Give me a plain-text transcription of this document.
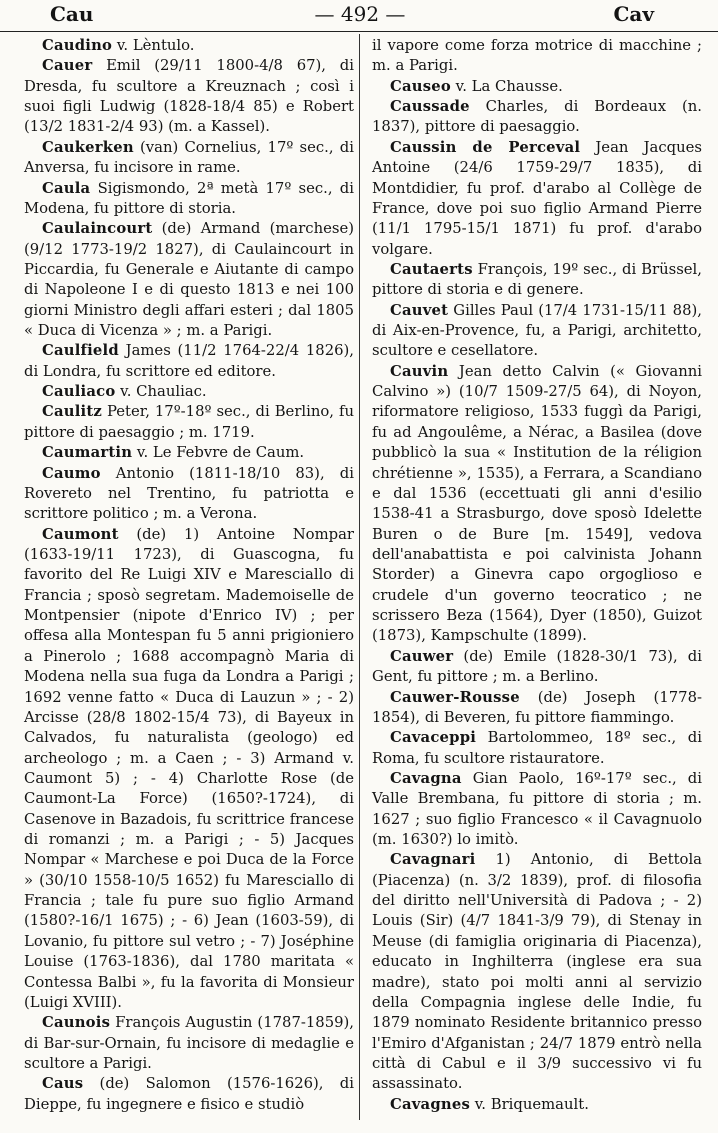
Cau	— 492 —	Cav

Caudino v. Lèntulo.

Cauer Emil (29/11 1800-4/8 67), di Dresda, fu scultore a Kreuznach ; così i suoi figli Ludwig (1828-18/4 85) e Robert (13/2 1831-2/4 93) (m. a Kassel).

Caukerken (van) Cornelius, 17º sec., di Anversa, fu incisore in rame.

Caula Sigismondo, 2ª metà 17º sec., di Modena, fu pittore di storia.

Caulaincourt (de) Armand (marchese) (9/12 1773-19/2 1827), di Caulaincourt in Piccardia, fu Generale e Aiutante di campo di Napoleone I e di questo 1813 e nei 100 giorni Ministro degli affari esteri ; dal 1805 « Duca di Vicenza » ; m. a Parigi.

Caulfield James (11/2 1764-22/4 1826), di Londra, fu scrittore ed editore.

Cauliaco v. Chauliac.

Caulitz Peter, 17º-18º sec., di Berlino, fu pittore di paesaggio ; m. 1719.

Caumartin v. Le Febvre de Caum.

Caumo Antonio (1811-18/10 83), di Rovereto nel Trentino, fu patriotta e scrittore politico ; m. a Verona.

Caumont (de) 1) Antoine Nompar (1633-19/11 1723), di Guascogna, fu favorito del Re Luigi XIV e Maresciallo di Francia ; sposò segretam. Mademoiselle de Montpensier (nipote d'Enrico IV) ; per offesa alla Montespan fu 5 anni prigioniero a Pinerolo ; 1688 accompagnò Maria di Modena nella sua fuga da Londra a Parigi ; 1692 venne fatto « Duca di Lauzun » ; - 2) Arcisse (28/8 1802-15/4 73), di Bayeux in Calvados, fu naturalista (geologo) ed archeologo ; m. a Caen ; - 3) Armand v. Caumont 5) ; - 4) Charlotte Rose (de Caumont-La Force) (1650?-1724), di Casenove in Bazadois, fu scrittrice francese di romanzi ; m. a Parigi ; - 5) Jacques Nompar « Marchese e poi Duca de la Force » (30/10 1558-10/5 1652) fu Maresciallo di Francia ; tale fu pure suo figlio Armand (1580?-16/1 1675) ; - 6) Jean (1603-59), di Lovanio, fu pittore sul vetro ; - 7) Joséphine Louise (1763-1836), dal 1780 maritata « Contessa Balbi », fu la favorita di Monsieur (Luigi XVIII).

Caunois François Augustin (1787-1859), di Bar-sur-Ornain, fu incisore di medaglie e scultore a Parigi.

Caus (de) Salomon (1576-1626), di Dieppe, fu ingegnere e fisico e studiò

il vapore come forza motrice di macchine ; m. a Parigi.

Causeo v. La Chausse.

Caussade Charles, di Bordeaux (n. 1837), pittore di paesaggio.

Caussin de Perceval Jean Jacques Antoine (24/6 1759-29/7 1835), di Montdidier, fu prof. d'arabo al Collège de France, dove poi suo figlio Armand Pierre (11/1 1795-15/1 1871) fu prof. d'arabo volgare.

Cautaerts François, 19º sec., di Brüssel, pittore di storia e di genere.

Cauvet Gilles Paul (17/4 1731-15/11 88), di Aix-en-Provence, fu, a Parigi, architetto, scultore e cesellatore.

Cauvin Jean detto Calvin (« Giovanni Calvino ») (10/7 1509-27/5 64), di Noyon, riformatore religioso, 1533 fuggì da Parigi, fu ad Angoulême, a Nérac, a Basilea (dove pubblicò la sua « Institution de la réligion chrétienne », 1535), a Ferrara, a Scandiano e dal 1536 (eccettuati gli anni d'esilio 1538-41 a Strasburgo, dove sposò Idelette Buren o de Bure [m. 1549], vedova dell'anabattista e poi calvinista Johann Storder) a Ginevra capo orgoglioso e crudele d'un governo teocratico ; ne scrissero Beza (1564), Dyer (1850), Guizot (1873), Kampschulte (1899).

Cauwer (de) Emile (1828-30/1 73), di Gent, fu pittore ; m. a Berlino.

Cauwer-Rousse (de) Joseph (1778-1854), di Beveren, fu pittore fiammingo.

Cavaceppi Bartolommeo, 18º sec., di Roma, fu scultore ristauratore.

Cavagna Gian Paolo, 16º-17º sec., di Valle Brembana, fu pittore di storia ; m. 1627 ; suo figlio Francesco « il Cavagnuolo (m. 1630?) lo imitò.

Cavagnari 1) Antonio, di Bettola (Piacenza) (n. 3/2 1839), prof. di filosofia del diritto nell'Università di Padova ; - 2) Louis (Sir) (4/7 1841-3/9 79), di Stenay in Meuse (di famiglia originaria di Piacenza), educato in Inghilterra (inglese era sua madre), stato poi molti anni al servizio della Compagnia inglese delle Indie, fu 1879 nominato Residente britannico presso l'Emiro d'Afganistan ; 24/7 1879 entrò nella città di Cabul e il 3/9 successivo vi fu assassinato.

Cavagnes v. Briquemault.
